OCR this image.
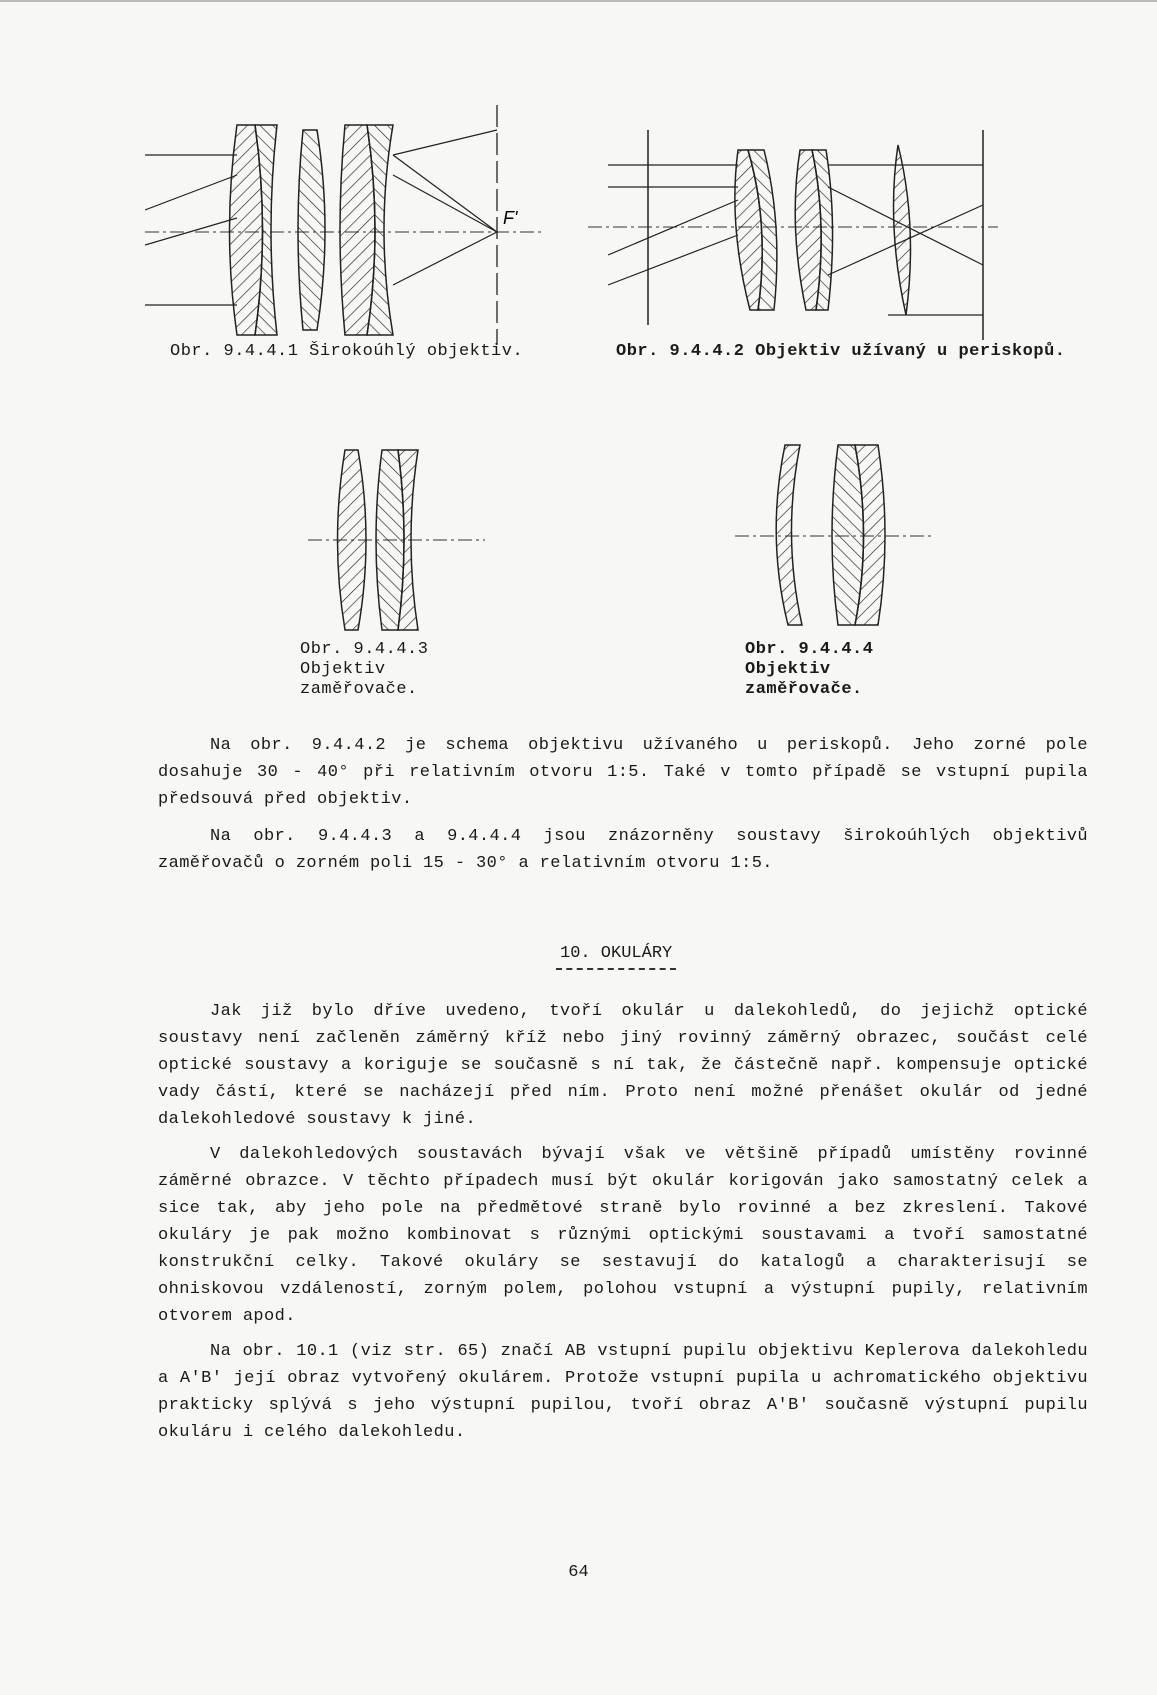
F'
Obr. 9.4.4.1 Širokoúhlý objektiv.	Obr. 9.4.4.2 Objektiv užívaný u periskopů.
Obr. 9.4.4.3
Objektiv
zaměřovače.
Obr. 9.4.4.4
Objektiv
zaměřovače.

Na obr. 9.4.4.2 je schema objektivu užívaného u periskopů. Jeho zorné pole dosahuje 30 - 40° při relativním otvoru 1:5. Také v tomto případě se vstupní pupila předsouvá před objektiv.

Na obr. 9.4.4.3 a 9.4.4.4 jsou znázorněny soustavy širokoúhlých objektivů zaměřovačů o zorném poli 15 - 30° a relativním otvoru 1:5.

10. OKULÁRY

Jak již bylo dříve uvedeno, tvoří okulár u dalekohledů, do jejichž optické soustavy není začleněn záměrný kříž nebo jiný rovinný záměrný obrazec, součást celé optické soustavy a koriguje se současně s ní tak, že částečně např. kompensuje optické vady částí, které se nacházejí před ním. Proto není možné přenášet okulár od jedné dalekohledové soustavy k jiné.

V dalekohledových soustavách bývají však ve většině případů umístěny rovinné záměrné obrazce. V těchto případech musí být okulár korigován jako samostatný celek a sice tak, aby jeho pole na předmětové straně bylo rovinné a bez zkreslení. Takové okuláry je pak možno kombinovat s různými optickými soustavami a tvoří samostatné konstrukční celky. Takové okuláry se sestavují do katalogů a charakterisují se ohniskovou vzdáleností, zorným polem, polohou vstupní a výstupní pupily, relativním otvorem apod.

Na obr. 10.1 (viz str. 65) značí AB vstupní pupilu objektivu Keplerova dalekohledu a A'B' její obraz vytvořený okulárem. Protože vstupní pupila u achromatického objektivu prakticky splývá s jeho výstupní pupilou, tvoří obraz A'B' současně výstupní pupilu okuláru i celého dalekohledu.

64
